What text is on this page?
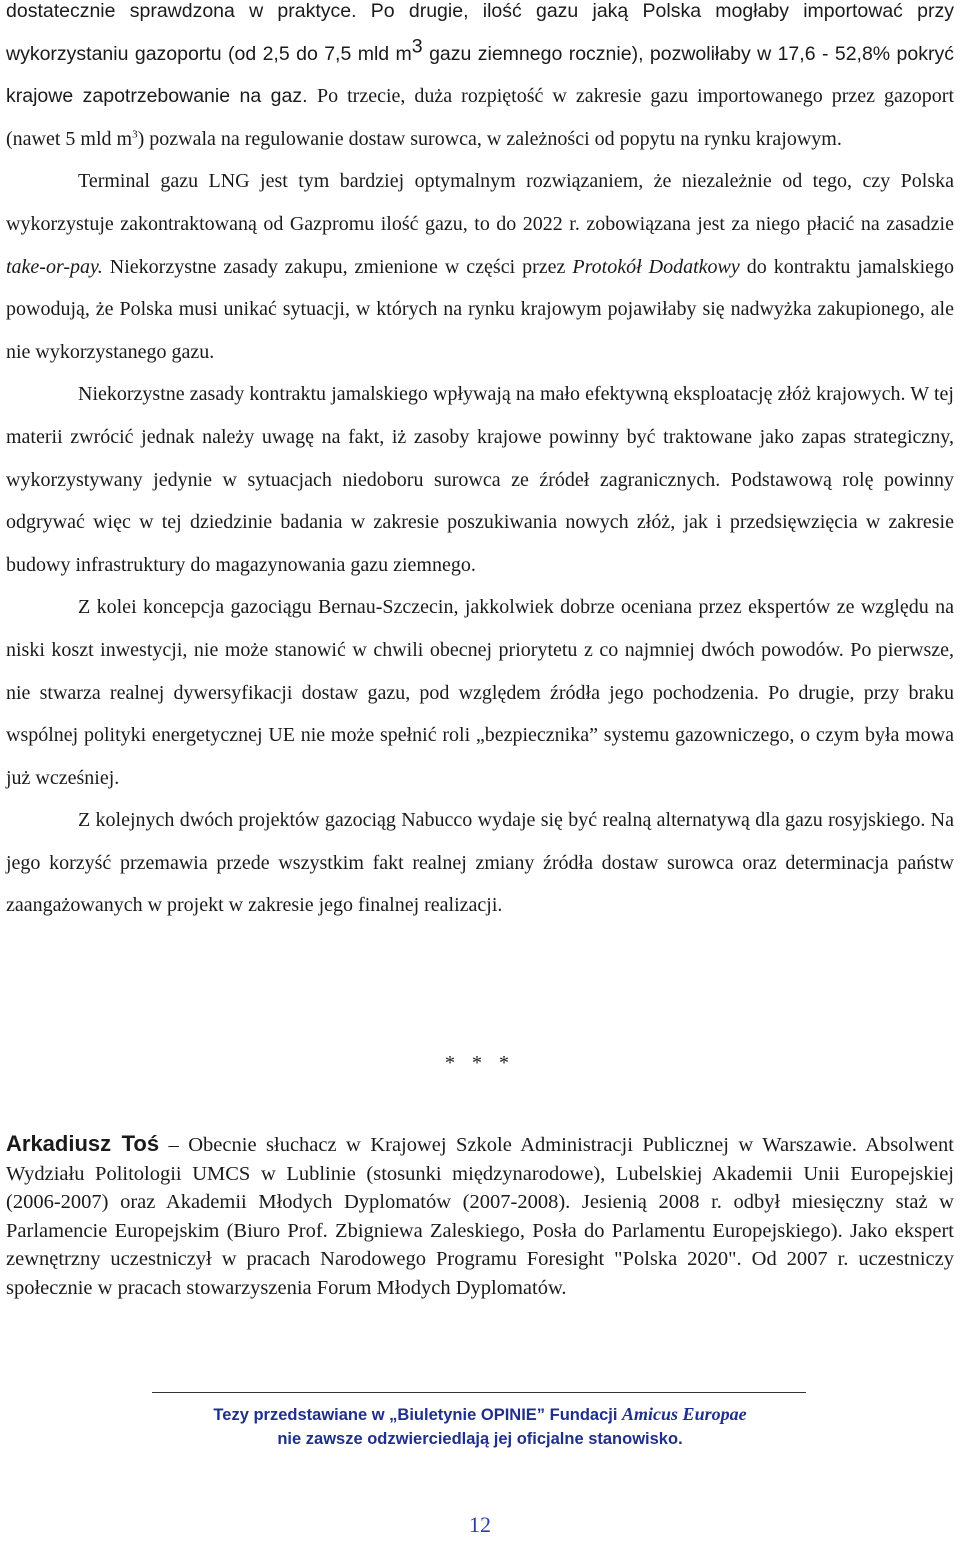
dostatecznie sprawdzona w praktyce. Po drugie, ilość gazu jaką Polska mogłaby importować przy wykorzystaniu gazoportu (od 2,5 do 7,5 mld $m^3$ gazu ziemnego rocznie), pozwoliłaby w 17,6 - 52,8% pokryć krajowe zapotrzebowanie na gaz. Po trzecie, duża rozpiętość w zakresie gazu importowanego przez gazoport (nawet 5 mld $m^3$) pozwala na regulowanie dostaw surowca, w zależności od popytu na rynku krajowym.

Terminal gazu LNG jest tym bardziej optymalnym rozwiązaniem, że niezależnie od tego, czy Polska wykorzystuje zakontraktowaną od Gazpromu ilość gazu, to do 2022 r. zobowiązana jest za niego płacić na zasadzie take-or-pay. Niekorzystne zasady zakupu, zmienione w części przez Protokół Dodatkowy do kontraktu jamalskiego powodują, że Polska musi unikać sytuacji, w których na rynku krajowym pojawiłaby się nadwyżka zakupionego, ale nie wykorzystanego gazu.

Niekorzystne zasady kontraktu jamalskiego wpływają na mało efektywną eksploatację złóż krajowych. W tej materii zwrócić jednak należy uwagę na fakt, iż zasoby krajowe powinny być traktowane jako zapas strategiczny, wykorzystywany jedynie w sytuacjach niedoboru surowca ze źródeł zagranicznych. Podstawową rolę powinny odgrywać więc w tej dziedzinie badania w zakresie poszukiwania nowych złóż, jak i przedsięwzięcia w zakresie budowy infrastruktury do magazynowania gazu ziemnego.

Z kolei koncepcja gazociągu Bernau-Szczecin, jakkolwiek dobrze oceniana przez ekspertów ze względu na niski koszt inwestycji, nie może stanowić w chwili obecnej priorytetu z co najmniej dwóch powodów. Po pierwsze, nie stwarza realnej dywersyfikacji dostaw gazu, pod względem źródła jego pochodzenia. Po drugie, przy braku wspólnej polityki energetycznej UE nie może spełnić roli „bezpiecznika” systemu gazowniczego, o czym była mowa już wcześniej.

Z kolejnych dwóch projektów gazociąg Nabucco wydaje się być realną alternatywą dla gazu rosyjskiego. Na jego korzyść przemawia przede wszystkim fakt realnej zmiany źródła dostaw surowca oraz determinacja państw zaangażowanych w projekt w zakresie jego finalnej realizacji.

* * *
Arkadiusz Toś – Obecnie słuchacz w Krajowej Szkole Administracji Publicznej w Warszawie. Absolwent Wydziału Politologii UMCS w Lublinie (stosunki międzynarodowe), Lubelskiej Akademii Unii Europejskiej (2006-2007) oraz Akademii Młodych Dyplomatów (2007-2008). Jesienią 2008 r. odbył miesięczny staż w Parlamencie Europejskim (Biuro Prof. Zbigniewa Zaleskiego, Posła do Parlamentu Europejskiego). Jako ekspert zewnętrzny uczestniczył w pracach Narodowego Programu Foresight "Polska 2020". Od 2007 r. uczestniczy społecznie w pracach stowarzyszenia Forum Młodych Dyplomatów.
Tezy przedstawiane w „Biuletynie OPINIE” Fundacji Amicus Europae
nie zawsze odzwierciedlają jej oficjalne stanowisko.
12
